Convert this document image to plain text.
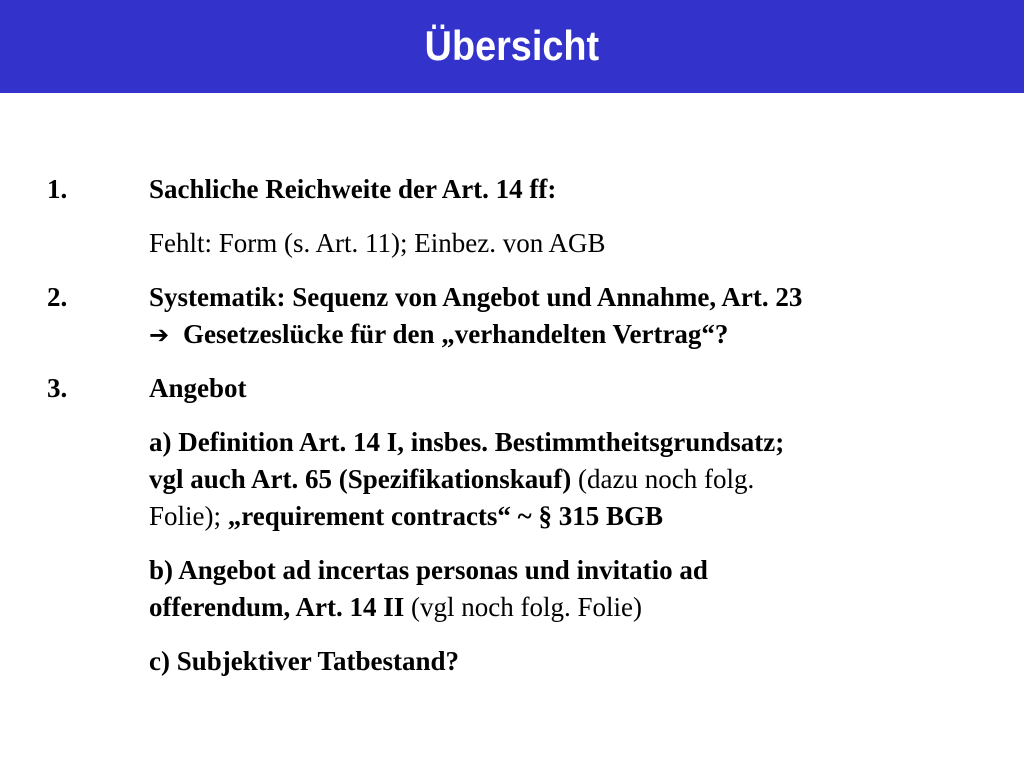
Übersicht
1.	Sachliche Reichweite der Art. 14 ff:
Fehlt: Form (s. Art. 11); Einbez. von AGB
2.	Systematik: Sequenz von Angebot und Annahme, Art. 23
➔ Gesetzeslücke für den „verhandelten Vertrag“?
3.	Angebot
a) Definition Art. 14 I, insbes. Bestimmtheitsgrundsatz;
vgl auch Art. 65 (Spezifikationskauf) (dazu noch folg.
Folie); „requirement contracts“ ~ § 315 BGB
b) Angebot ad incertas personas und invitatio ad
offerendum, Art. 14 II (vgl noch folg. Folie)
c) Subjektiver Tatbestand?
